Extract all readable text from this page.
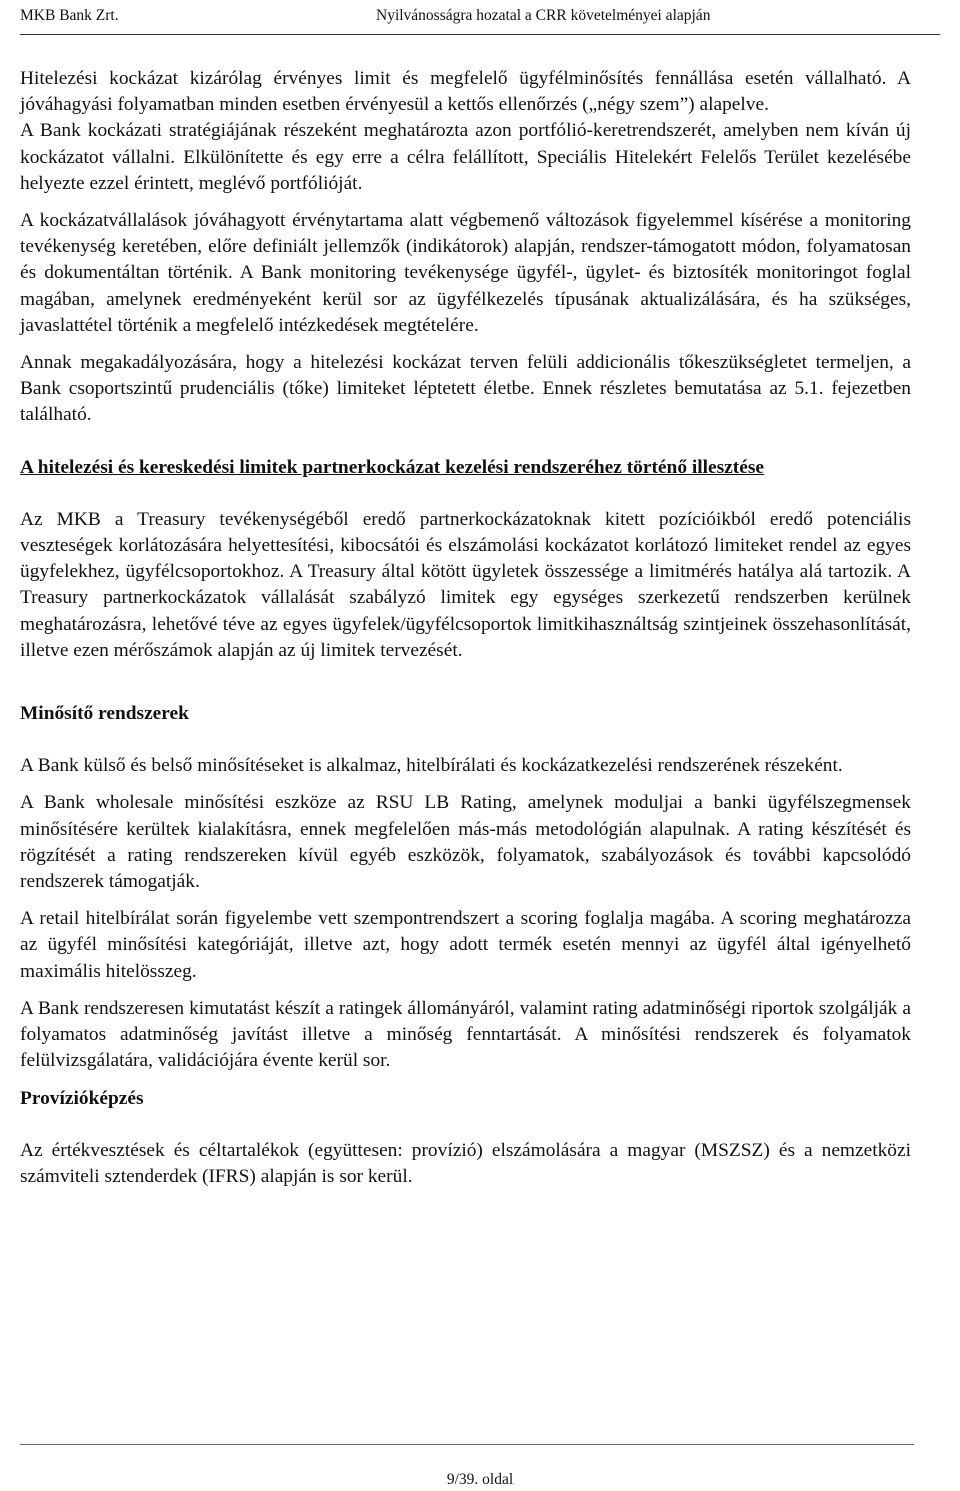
MKB Bank Zrt.	Nyilvánosságra hozatal a CRR követelményei alapján

Hitelezési kockázat kizárólag érvényes limit és megfelelő ügyfélminősítés fennállása esetén vállalható. A jóváhagyási folyamatban minden esetben érvényesül a kettős ellenőrzés („négy szem”) alapelve.

A Bank kockázati stratégiájának részeként meghatározta azon portfólió-keretrendszerét, amelyben nem kíván új kockázatot vállalni. Elkülönítette és egy erre a célra felállított, Speciális Hitelekért Felelős Terület kezelésébe helyezte ezzel érintett, meglévő portfólióját.

A kockázatvállalások jóváhagyott érvénytartama alatt végbemenő változások figyelemmel kísérése a monitoring tevékenység keretében, előre definiált jellemzők (indikátorok) alapján, rendszer-támogatott módon, folyamatosan és dokumentáltan történik. A Bank monitoring tevékenysége ügyfél-, ügylet- és biztosíték monitoringot foglal magában, amelynek eredményeként kerül sor az ügyfélkezelés típusának aktualizálására, és ha szükséges, javaslattétel történik a megfelelő intézkedések megtételére.

Annak megakadályozására, hogy a hitelezési kockázat terven felüli addicionális tőkeszükségletet termeljen, a Bank csoportszintű prudenciális (tőke) limiteket léptetett életbe. Ennek részletes bemutatása az 5.1. fejezetben található.

A hitelezési és kereskedési limitek partnerkockázat kezelési rendszeréhez történő illesztése

Az MKB a Treasury tevékenységéből eredő partnerkockázatoknak kitett pozícióikból eredő potenciális veszteségek korlátozására helyettesítési, kibocsátói és elszámolási kockázatot korlátozó limiteket rendel az egyes ügyfelekhez, ügyfélcsoportokhoz. A Treasury által kötött ügyletek összessége a limitmérés hatálya alá tartozik. A Treasury partnerkockázatok vállalását szabályzó limitek egy egységes szerkezetű rendszerben kerülnek meghatározásra, lehetővé téve az egyes ügyfelek/ügyfélcsoportok limitkihasználtság szintjeinek összehasonlítását, illetve ezen mérőszámok alapján az új limitek tervezését.

Minősítő rendszerek

A Bank külső és belső minősítéseket is alkalmaz, hitelbírálati és kockázatkezelési rendszerének részeként.

A Bank wholesale minősítési eszköze az RSU LB Rating, amelynek moduljai a banki ügyfélszegmensek minősítésére kerültek kialakításra, ennek megfelelően más-más metodológián alapulnak. A rating készítését és rögzítését a rating rendszereken kívül egyéb eszközök, folyamatok, szabályozások és további kapcsolódó rendszerek támogatják.

A retail hitelbírálat során figyelembe vett szempontrendszert a scoring foglalja magába. A scoring meghatározza az ügyfél minősítési kategóriáját, illetve azt, hogy adott termék esetén mennyi az ügyfél által igényelhető maximális hitelösszeg.

A Bank rendszeresen kimutatást készít a ratingek állományáról, valamint rating adatminőségi riportok szolgálják a folyamatos adatminőség javítást illetve a minőség fenntartását. A minősítési rendszerek és folyamatok felülvizsgálatára, validációjára évente kerül sor.

Provízióképzés

Az értékvesztések és céltartalékok (együttesen: provízió) elszámolására a magyar (MSZSZ) és a nemzetközi számviteli sztenderdek (IFRS) alapján is sor kerül.

9/39. oldal
